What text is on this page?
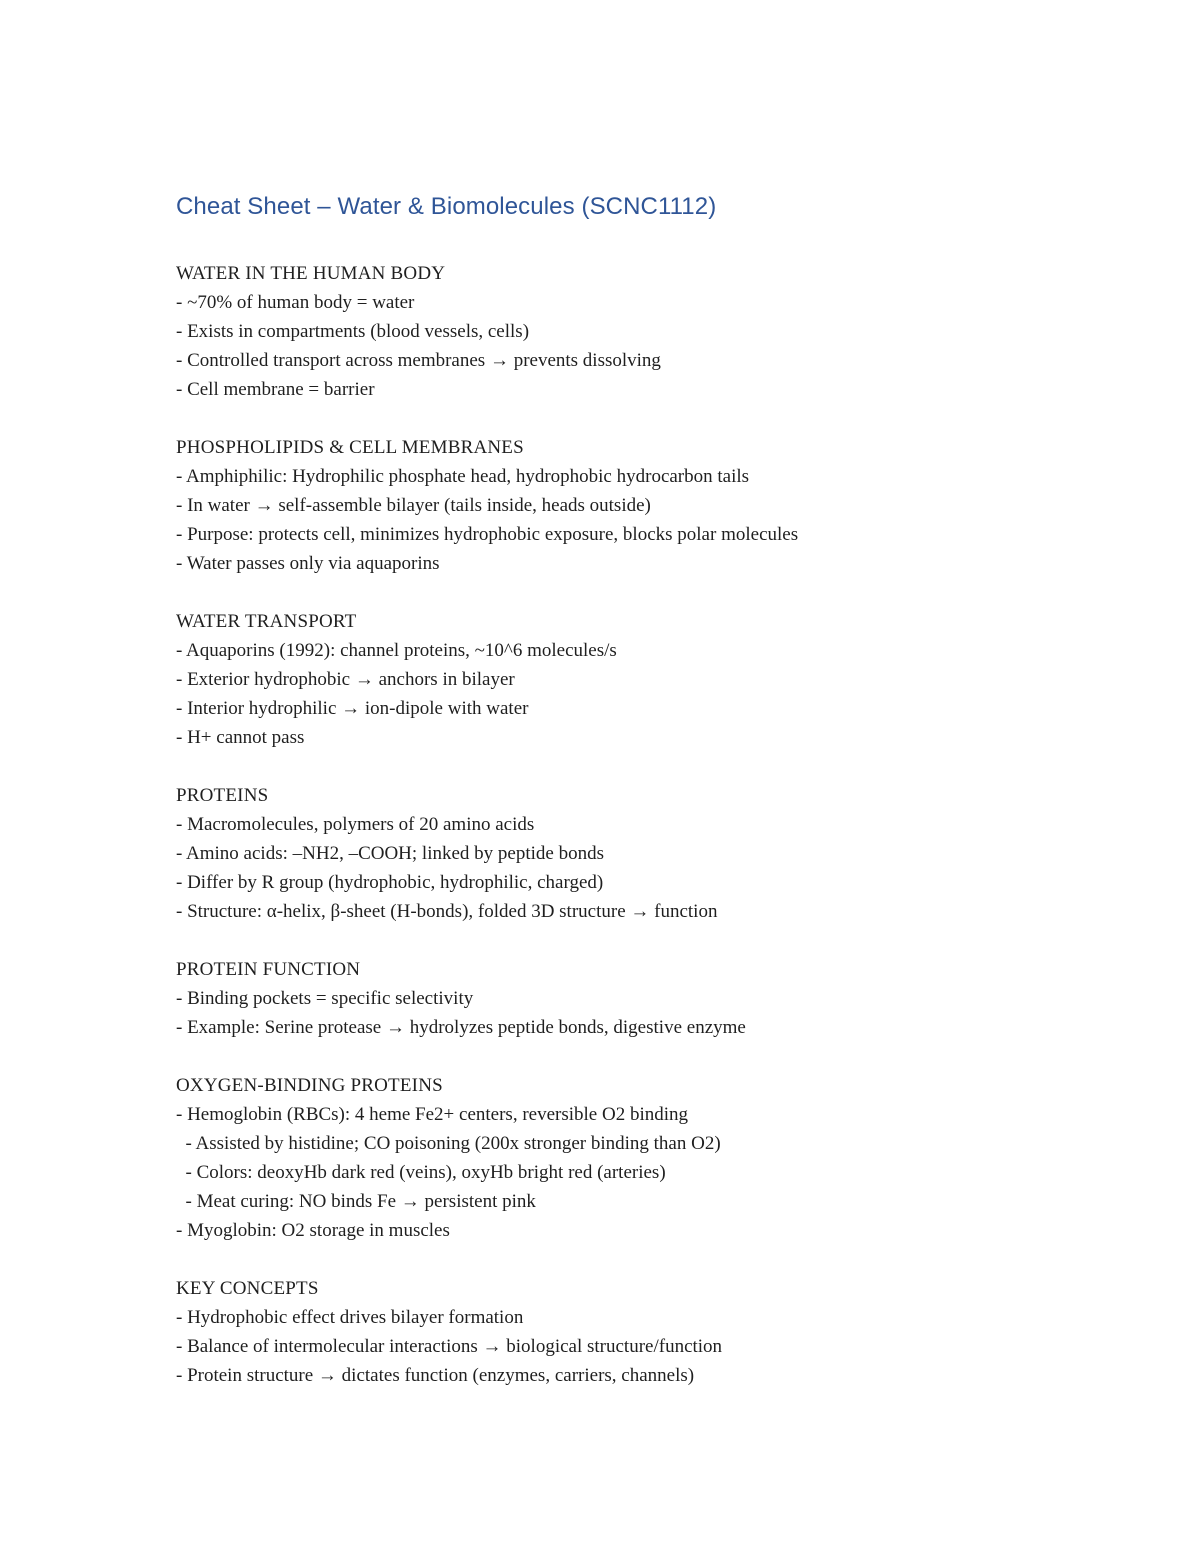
Cheat Sheet – Water & Biomolecules (SCNC1112)
WATER IN THE HUMAN BODY
- ~70% of human body = water
- Exists in compartments (blood vessels, cells)
- Controlled transport across membranes → prevents dissolving
- Cell membrane = barrier
PHOSPHOLIPIDS & CELL MEMBRANES
- Amphiphilic: Hydrophilic phosphate head, hydrophobic hydrocarbon tails
- In water → self-assemble bilayer (tails inside, heads outside)
- Purpose: protects cell, minimizes hydrophobic exposure, blocks polar molecules
- Water passes only via aquaporins
WATER TRANSPORT
- Aquaporins (1992): channel proteins, ~10^6 molecules/s
- Exterior hydrophobic → anchors in bilayer
- Interior hydrophilic → ion-dipole with water
- H+ cannot pass
PROTEINS
- Macromolecules, polymers of 20 amino acids
- Amino acids: –NH2, –COOH; linked by peptide bonds
- Differ by R group (hydrophobic, hydrophilic, charged)
- Structure: α-helix, β-sheet (H-bonds), folded 3D structure → function
PROTEIN FUNCTION
- Binding pockets = specific selectivity
- Example: Serine protease → hydrolyzes peptide bonds, digestive enzyme
OXYGEN-BINDING PROTEINS
- Hemoglobin (RBCs): 4 heme Fe2+ centers, reversible O2 binding
- Assisted by histidine; CO poisoning (200x stronger binding than O2)
- Colors: deoxyHb dark red (veins), oxyHb bright red (arteries)
- Meat curing: NO binds Fe → persistent pink
- Myoglobin: O2 storage in muscles
KEY CONCEPTS
- Hydrophobic effect drives bilayer formation
- Balance of intermolecular interactions → biological structure/function
- Protein structure → dictates function (enzymes, carriers, channels)
